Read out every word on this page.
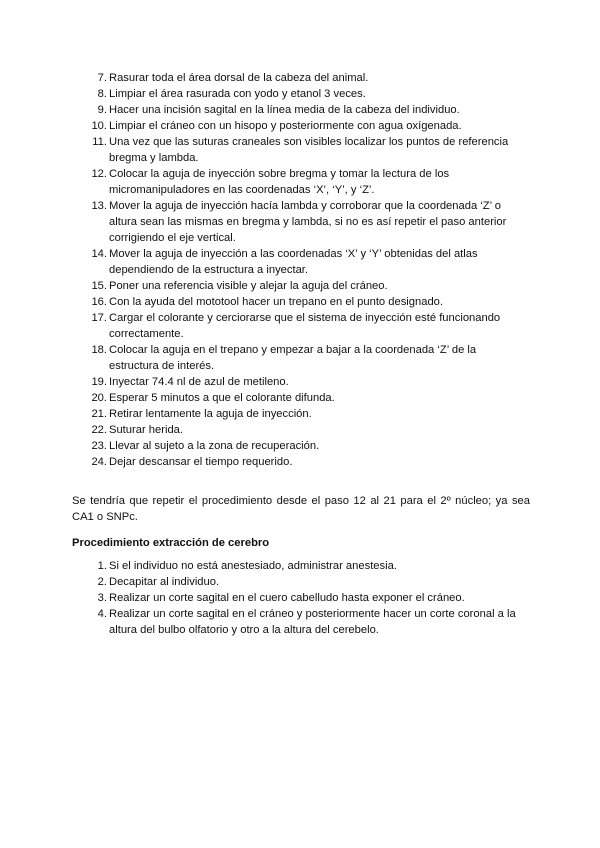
7. Rasurar toda el área dorsal de la cabeza del animal.
8. Limpiar el área rasurada con yodo y etanol 3 veces.
9. Hacer una incisión sagital en la línea media de la cabeza del individuo.
10. Limpiar el cráneo con un hisopo y posteriormente con agua oxígenada.
11. Una vez que las suturas craneales son visibles localizar los puntos de referencia bregma y lambda.
12. Colocar la aguja de inyección sobre bregma y tomar la lectura de los micromanipuladores en las coordenadas ‘X’, ‘Y’, y ‘Z’.
13. Mover la aguja de inyección hacía lambda y corroborar que la coordenada ‘Z’ o altura sean las mismas en bregma y lambda, si no es así repetir el paso anterior corrigiendo el eje vertical.
14. Mover la aguja de inyección a las coordenadas ‘X’ y ‘Y’ obtenidas del atlas dependiendo de la estructura a inyectar.
15. Poner una referencia visible y alejar la aguja del cráneo.
16. Con la ayuda del mototool hacer un trepano en el punto designado.
17. Cargar el colorante y cerciorarse que el sistema de inyección esté funcionando correctamente.
18. Colocar la aguja en el trepano y empezar a bajar a la coordenada ‘Z’ de la estructura de interés.
19. Inyectar 74.4 nl de azul de metileno.
20. Esperar 5 minutos a que el colorante difunda.
21. Retirar lentamente la aguja de inyección.
22. Suturar herida.
23. Llevar al sujeto a la zona de recuperación.
24. Dejar descansar el tiempo requerido.

Se tendría que repetir el procedimiento desde el paso 12 al 21 para el 2º núcleo; ya sea CA1 o SNPc.

Procedimiento extracción de cerebro

1. Si el individuo no está anestesiado, administrar anestesia.
2. Decapitar al individuo.
3. Realizar un corte sagital en el cuero cabelludo hasta exponer el cráneo.
4. Realizar un corte sagital en el cráneo y posteriormente hacer un corte coronal a la altura del bulbo olfatorio y otro a la altura del cerebelo.
